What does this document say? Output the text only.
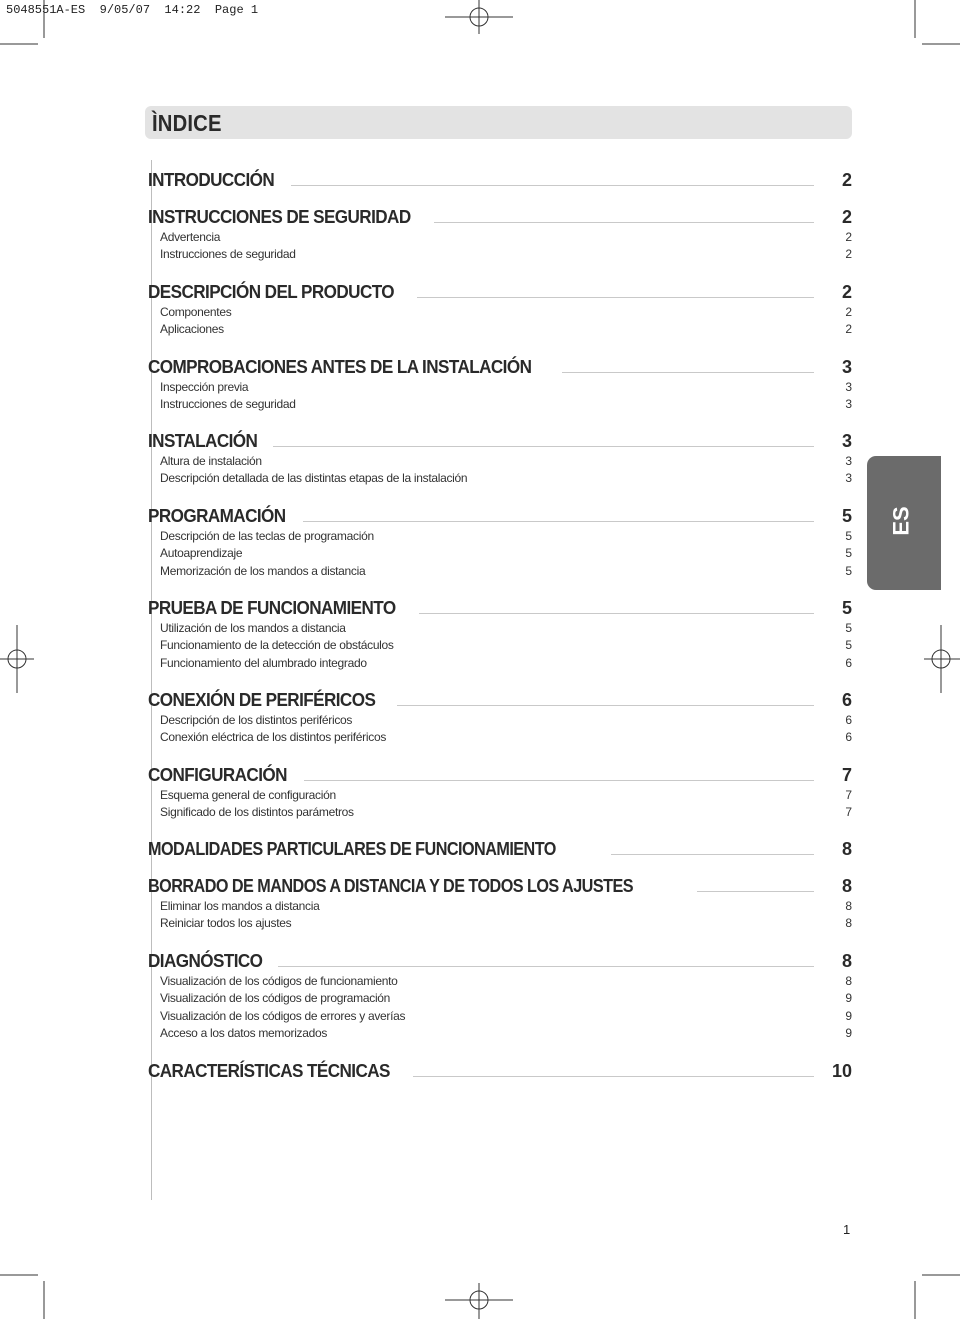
5048551A-ES  9/05/07  14:22  Page 1
ÌNDICE
INTRODUCCIÓN	2
INSTRUCCIONES DE SEGURIDAD	2
Advertencia	2
Instrucciones de seguridad	2
DESCRIPCIÓN DEL PRODUCTO	2
Componentes	2
Aplicaciones	2
COMPROBACIONES ANTES DE LA INSTALACIÓN	3
Inspección previa	3
Instrucciones de seguridad	3
INSTALACIÓN	3
Altura de instalación	3
Descripción detallada de las distintas etapas de la instalación	3
PROGRAMACIÓN	5
Descripción de las teclas de programación	5
Autoaprendizaje	5
Memorización de los mandos a distancia	5
PRUEBA DE FUNCIONAMIENTO	5
Utilización de los mandos a distancia	5
Funcionamiento de la detección de obstáculos	5
Funcionamiento del alumbrado integrado	6
CONEXIÓN DE PERIFÉRICOS	6
Descripción de los distintos periféricos	6
Conexión eléctrica de los distintos periféricos	6
CONFIGURACIÓN	7
Esquema general de configuración	7
Significado de los distintos parámetros	7
MODALIDADES PARTICULARES DE FUNCIONAMIENTO	8
BORRADO DE MANDOS A DISTANCIA Y DE TODOS LOS AJUSTES	8
Eliminar los mandos a distancia	8
Reiniciar todos los ajustes	8
DIAGNÓSTICO	8
Visualización de los códigos de funcionamiento	8
Visualización de los códigos de programación	9
Visualización de los códigos de errores y averías	9
Acceso a los datos memorizados	9
CARACTERÍSTICAS TÉCNICAS	10
ES
1
